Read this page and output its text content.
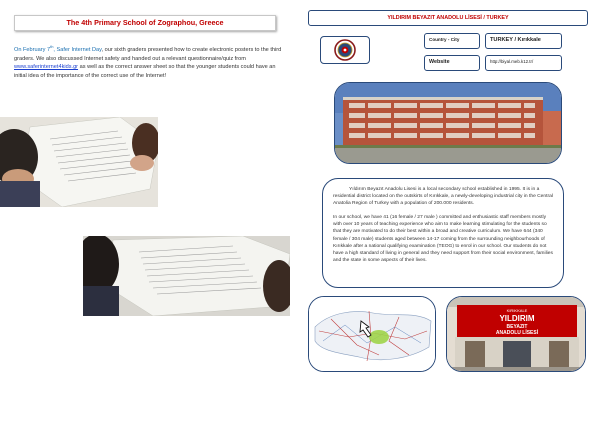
The 4th Primary School of Zographou, Greece
On February 7th, Safer Internet Day, our sixth graders presented how to create electronic posters to the third graders. We also discussed Internet safety and handed out a relevant questionnaire/quiz from www.saferinternet4kids.gr as well as the correct answer sheet so that the younger students could have an initial idea of the importance of the correct use of the Internet!
YILDIRIM BEYAZIT ANADOLU LİSESİ / TURKEY
Country - City	TURKEY / Kırıkkale
Website	http://biyal.meb.k12.tr/

Yıldırım Beyazıt Anadolu Lisesi is a local secondary school established in 1995. It is in a residential district located on the outskirts of Kırıkkale, a newly-developing industrial city in the Central Anatolia Region of Turkey with a population of 200.000 residents.

In our school, we have 41 (16 female / 27 male ) committed and enthusiastic staff members mostly with over 10 years of teaching experience who aim to make learning stimulating for the students so that they are motivated to do their best within a broad and creative curriculum. We have 644 (340 female / 304 male) students aged between 14-17 coming from the surrounding neighbourhoods of Kırıkkale after a national qualifying examination (TEOG) to enrol in our school. Our students do not have a high standard of living in general and they need support from their social environment, families and the state in some aspects of their lives.

KIRIKKALE
YILDIRIM
BEYAZIT
ANADOLU LİSESİ
